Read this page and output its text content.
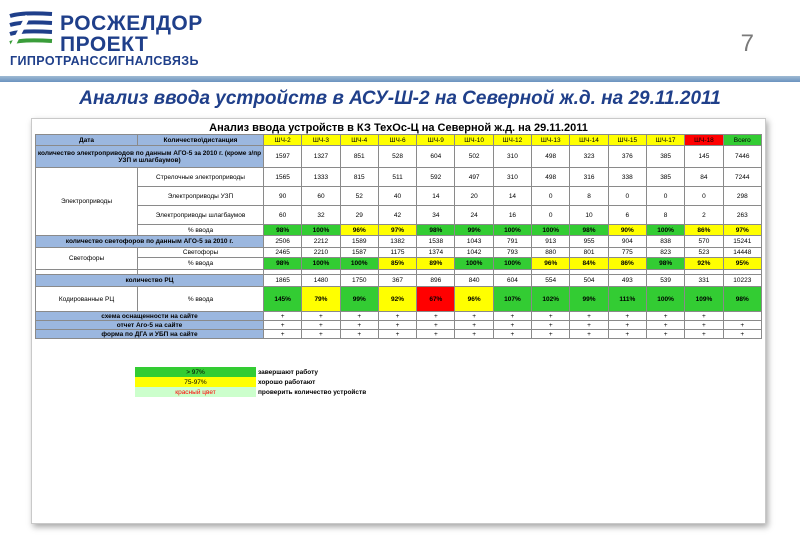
РОСЖЕЛДОР
ПРОЕКТ
ГИПРОТРАНССИГНАЛСВЯЗЬ
7
Анализ ввода устройств в АСУ-Ш-2 на Северной ж.д. на 29.11.2011
Анализ ввода устройств в КЗ ТехОс-Ц на Северной ж.д. на 29.11.2011
Дата	Количество\дистанция	ШЧ-2	ШЧ-3	ШЧ-4	ШЧ-6	ШЧ-9	ШЧ-10	ШЧ-12	ШЧ-13	ШЧ-14	ШЧ-15	ШЧ-17	ШЧ-18	Всего
количество электроприводов по данным АГО-5 за 2010 г. (кроме з/пр УЗП и шлагбаумов)		1597	1327	851	528	604	502	310	498	323	376	385	145	7446
Электроприводы	Стрелочные электроприводы	1565	1333	815	511	592	497	310	498	316	338	385	84	7244
	Электроприводы УЗП	90	60	52	40	14	20	14	0	8	0	0	0	298
	Электроприводы шлагбаумов	60	32	29	42	34	24	16	0	10	6	8	2	263
	% ввода	98%	100%	96%	97%	98%	99%	100%	100%	98%	90%	100%	86%	97%
количество светофоров по данным АГО-5 за 2010 г.		2506	2212	1589	1382	1538	1043	791	913	955	904	838	570	15241
Светофоры	Светофоры	2465	2210	1587	1175	1374	1042	793	880	801	775	823	523	14448
	% ввода	98%	100%	100%	85%	89%	100%	100%	96%	84%	86%	98%	92%	95%

количество РЦ		1865	1480	1750	367	896	840	604	554	504	493	539	331	10223
Кодированные РЦ	% ввода	145%	79%	99%	92%	67%	96%	107%	102%	99%	111%	100%	109%	98%
схема оснащенности на сайте		+	+	+	+	+	+	+	+	+	+	+	+	
отчет Аго-5 на сайте		+	+	+	+	+	+	+	+	+	+	+	+	+
форма по ДГА и УБП на сайте		+	+	+	+	+	+	+	+	+	+	+	+	+
> 97%	завершают работу
75-97%	хорошо работают
красный цвет	проверить количество устройств
